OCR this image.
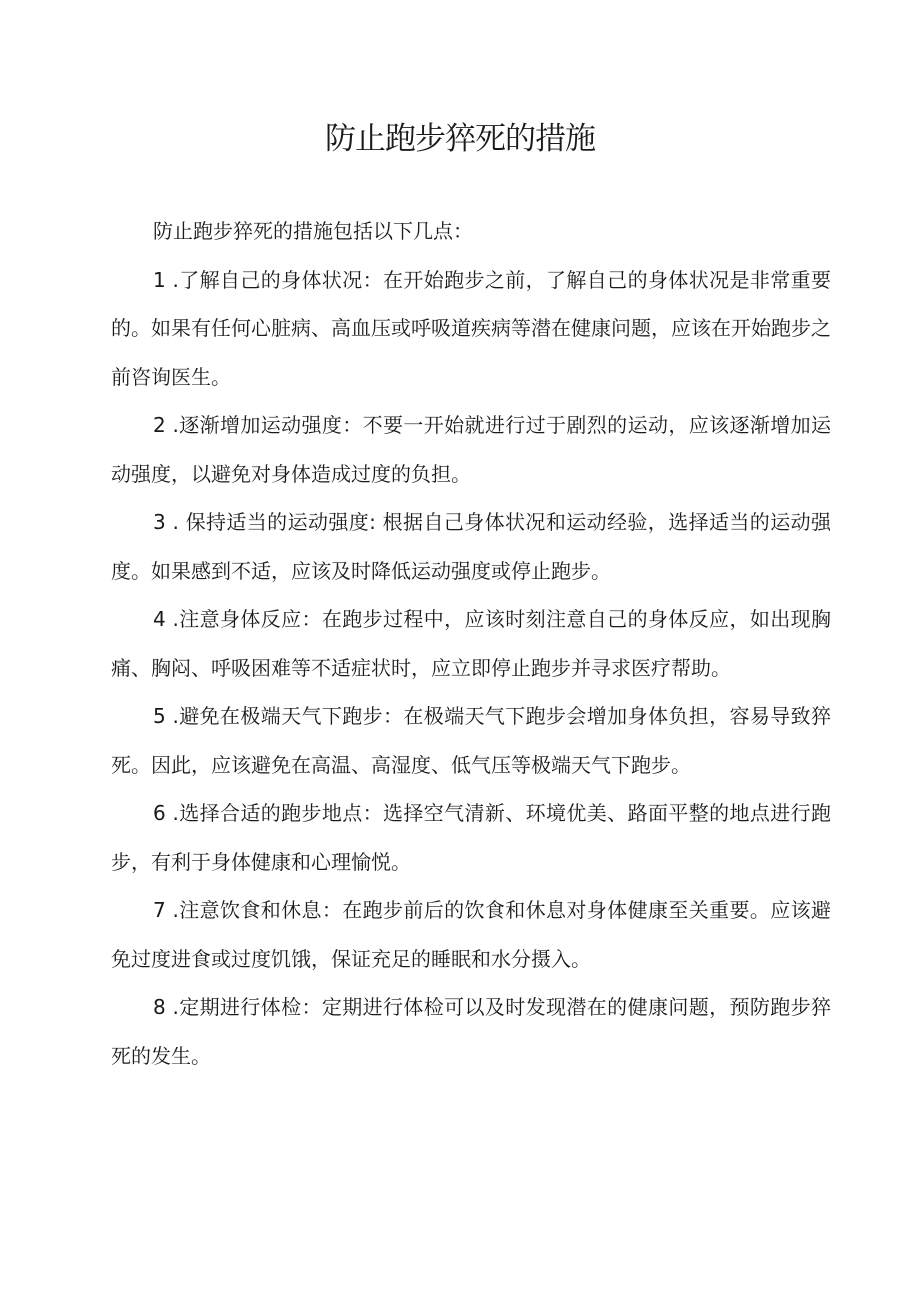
防止跑步猝死的措施

防止跑步猝死的措施包括以下几点：

1 .了解自己的身体状况：在开始跑步之前，了解自己的身体状况是非常重要的。如果有任何心脏病、高血压或呼吸道疾病等潜在健康问题，应该在开始跑步之前咨询医生。

2 .逐渐增加运动强度：不要一开始就进行过于剧烈的运动，应该逐渐增加运动强度，以避免对身体造成过度的负担。

3 . 保持适当的运动强度: 根据自己身体状况和运动经验，选择适当的运动强度。如果感到不适，应该及时降低运动强度或停止跑步。

4 .注意身体反应：在跑步过程中，应该时刻注意自己的身体反应，如出现胸痛、胸闷、呼吸困难等不适症状时，应立即停止跑步并寻求医疗帮助。

5 .避免在极端天气下跑步：在极端天气下跑步会增加身体负担，容易导致猝死。因此，应该避免在高温、高湿度、低气压等极端天气下跑步。

6 .选择合适的跑步地点：选择空气清新、环境优美、路面平整的地点进行跑步，有利于身体健康和心理愉悦。

7 .注意饮食和休息：在跑步前后的饮食和休息对身体健康至关重要。应该避免过度进食或过度饥饿，保证充足的睡眠和水分摄入。

8 .定期进行体检：定期进行体检可以及时发现潜在的健康问题，预防跑步猝死的发生。
